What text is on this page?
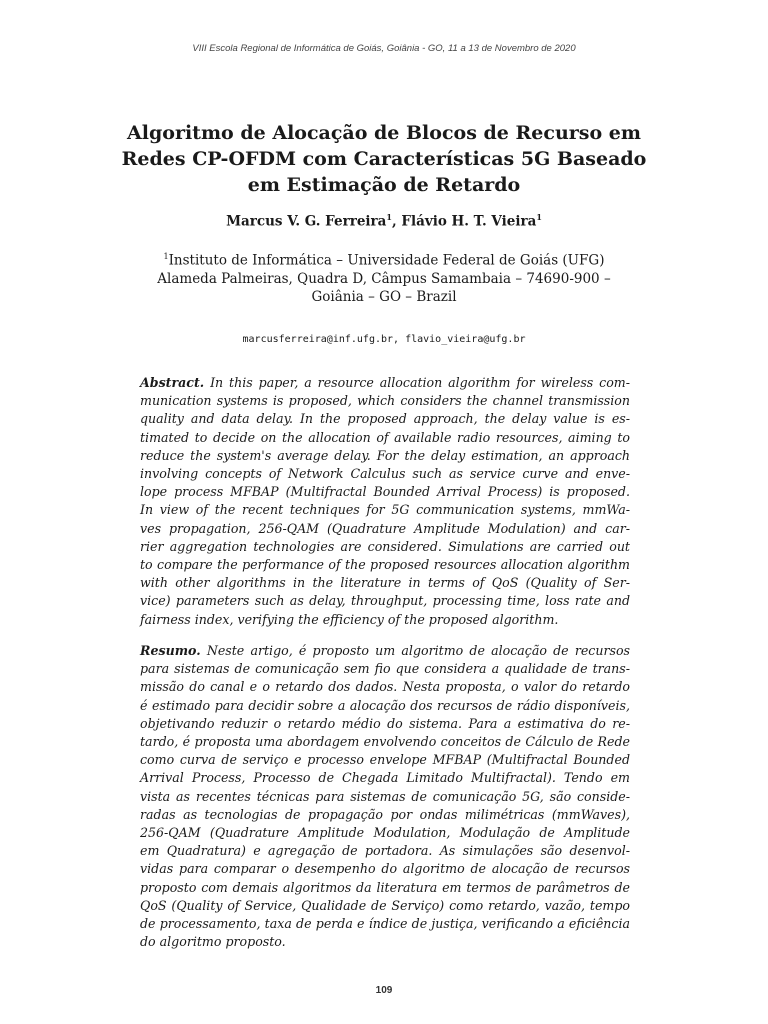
VIII Escola Regional de Informática de Goiás, Goiânia - GO, 11 a 13 de Novembro de 2020
Algoritmo de Alocação de Blocos de Recurso em
Redes CP-OFDM com Características 5G Baseado
em Estimação de Retardo
Marcus V. G. Ferreira$^1$, Flávio H. T. Vieira$^1$
$^1$Instituto de Informática – Universidade Federal de Goiás (UFG)
Alameda Palmeiras, Quadra D, Câmpus Samambaia – 74690-900 –
Goiânia – GO – Brazil
marcusferreira@inf.ufg.br, flavio_vieira@ufg.br
Abstract. In this paper, a resource allocation algorithm for wireless com-
munication systems is proposed, which considers the channel transmission
quality and data delay. In the proposed approach, the delay value is es-
timated to decide on the allocation of available radio resources, aiming to
reduce the system's average delay. For the delay estimation, an approach
involving concepts of Network Calculus such as service curve and enve-
lope process MFBAP (Multifractal Bounded Arrival Process) is proposed.
In view of the recent techniques for 5G communication systems, mmWa-
ves propagation, 256-QAM (Quadrature Amplitude Modulation) and car-
rier aggregation technologies are considered. Simulations are carried out
to compare the performance of the proposed resources allocation algorithm
with other algorithms in the literature in terms of QoS (Quality of Ser-
vice) parameters such as delay, throughput, processing time, loss rate and
fairness index, verifying the efficiency of the proposed algorithm.
Resumo. Neste artigo, é proposto um algoritmo de alocação de recursos
para sistemas de comunicação sem fio que considera a qualidade de trans-
missão do canal e o retardo dos dados. Nesta proposta, o valor do retardo
é estimado para decidir sobre a alocação dos recursos de rádio disponíveis,
objetivando reduzir o retardo médio do sistema. Para a estimativa do re-
tardo, é proposta uma abordagem envolvendo conceitos de Cálculo de Rede
como curva de serviço e processo envelope MFBAP (Multifractal Bounded
Arrival Process, Processo de Chegada Limitado Multifractal). Tendo em
vista as recentes técnicas para sistemas de comunicação 5G, são conside-
radas as tecnologias de propagação por ondas milimétricas (mmWaves),
256-QAM (Quadrature Amplitude Modulation, Modulação de Amplitude
em Quadratura) e agregação de portadora. As simulações são desenvol-
vidas para comparar o desempenho do algoritmo de alocação de recursos
proposto com demais algoritmos da literatura em termos de parâmetros de
QoS (Quality of Service, Qualidade de Serviço) como retardo, vazão, tempo
de processamento, taxa de perda e índice de justiça, verificando a eficiência
do algoritmo proposto.
109
